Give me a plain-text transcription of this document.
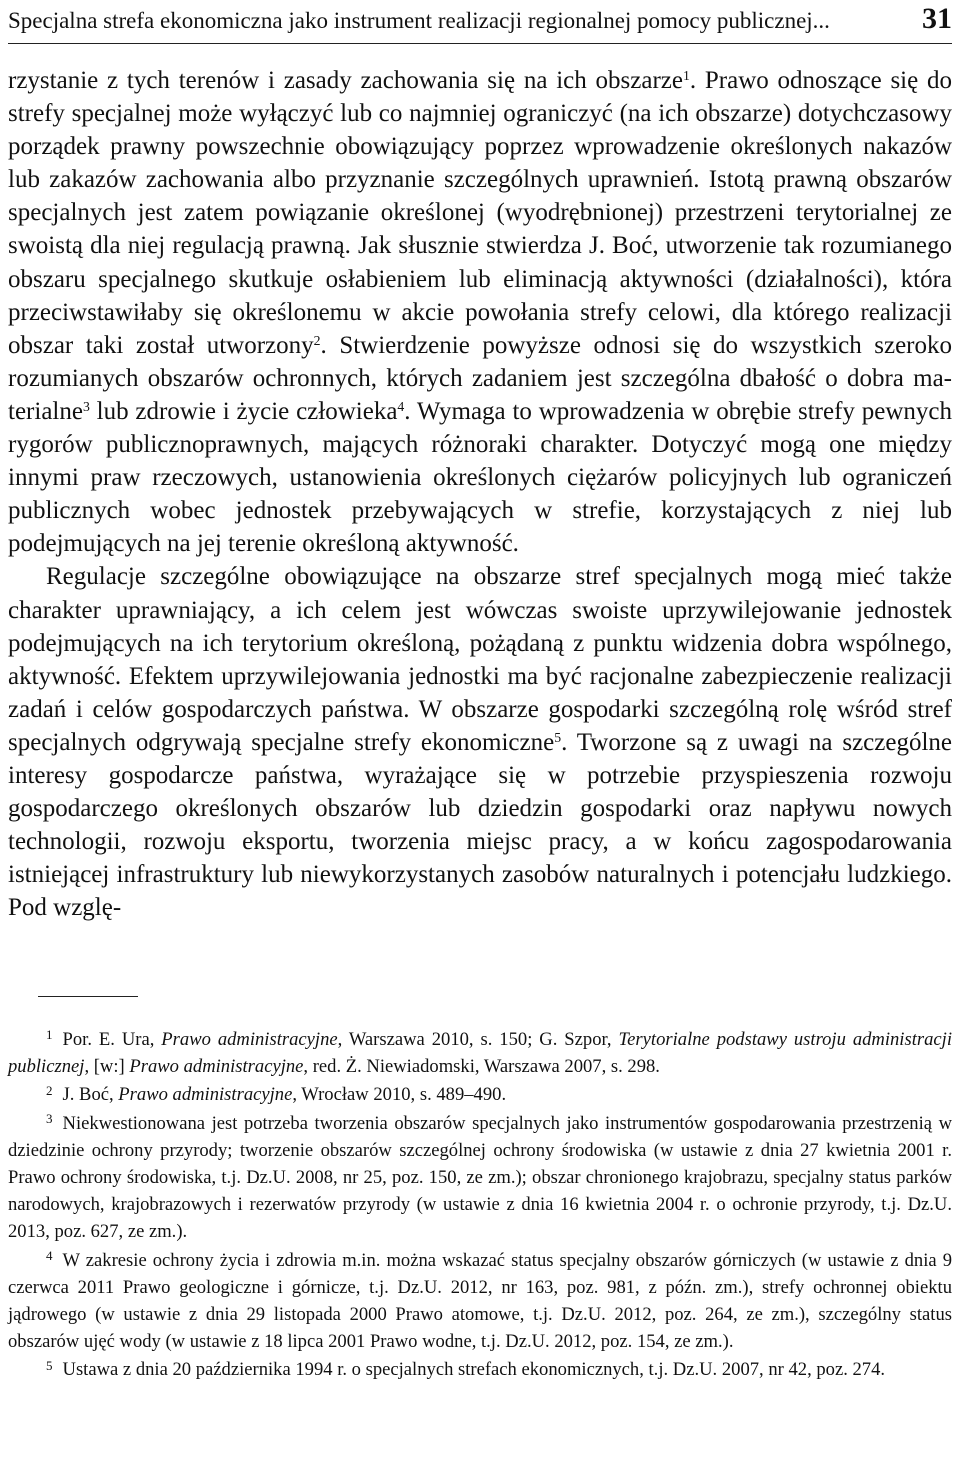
Specjalna strefa ekonomiczna jako instrument realizacji regionalnej pomocy publicznej...	31

rzystanie z tych terenów i zasady zachowania się na ich obszarze$^1$. Prawo odnoszące się do strefy specjalnej może wyłączyć lub co najmniej ograniczyć (na ich obszarze) dotychczasowy porządek prawny powszechnie obowiązujący poprzez wprowadzenie określonych nakazów lub zakazów zachowania albo przyznanie szczególnych uprawnień. Istotą prawną obszarów specjalnych jest zatem powiązanie określonej (wyodrębnionej) przestrzeni terytorialnej ze swoistą dla niej regulacją prawną. Jak słusznie stwierdza J. Boć, utworzenie tak rozumianego obszaru specjalnego skutkuje osłabieniem lub eliminacją aktywności (działalności), która przeciwstawiłaby się określonemu w akcie powołania strefy celowi, dla którego realizacji obszar taki został utworzony$^2$. Stwierdzenie powyższe odnosi się do wszystkich szeroko rozumianych obszarów ochronnych, których zadaniem jest szczególna dbałość o dobra materialne$^3$ lub zdrowie i życie człowieka$^4$. Wymaga to wprowadzenia w obrębie strefy pewnych rygorów publicznoprawnych, mających różnoraki charakter. Dotyczyć mogą one między innymi praw rzeczowych, ustanowienia określonych ciężarów policyjnych lub ograniczeń publicznych wobec jednostek przebywających w strefie, korzystających z niej lub podejmujących na jej terenie określoną aktywność.

Regulacje szczególne obowiązujące na obszarze stref specjalnych mogą mieć także charakter uprawniający, a ich celem jest wówczas swoiste uprzywilejowanie jednostek podejmujących na ich terytorium określoną, pożądaną z punktu widzenia dobra wspólnego, aktywność. Efektem uprzywilejowania jednostki ma być racjonalne zabezpieczenie realizacji zadań i celów gospodarczych państwa. W obszarze gospodarki szczególną rolę wśród stref specjalnych odgrywają specjalne strefy ekonomiczne$^5$. Tworzone są z uwagi na szczególne interesy gospodarcze państwa, wyrażające się w potrzebie przyspieszenia rozwoju gospodarczego określonych obszarów lub dziedzin gospodarki oraz napływu nowych technologii, rozwoju eksportu, tworzenia miejsc pracy, a w końcu zagospodarowania istniejącej infrastruktury lub niewykorzystanych zasobów naturalnych i potencjału ludzkiego. Pod wzglę-

$^1$ Por. E. Ura, Prawo administracyjne, Warszawa 2010, s. 150; G. Szpor, Terytorialne podstawy ustroju administracji publicznej, [w:] Prawo administracyjne, red. Ż. Niewiadomski, Warszawa 2007, s. 298.

$^2$ J. Boć, Prawo administracyjne, Wrocław 2010, s. 489–490.

$^3$ Niekwestionowana jest potrzeba tworzenia obszarów specjalnych jako instrumentów gospodarowania przestrzenią w dziedzinie ochrony przyrody; tworzenie obszarów szczególnej ochrony środowiska (w ustawie z dnia 27 kwietnia 2001 r. Prawo ochrony środowiska, t.j. Dz.U. 2008, nr 25, poz. 150, ze zm.); obszar chronionego krajobrazu, specjalny status parków narodowych, krajobrazowych i rezerwatów przyrody (w ustawie z dnia 16 kwietnia 2004 r. o ochronie przyrody, t.j. Dz.U. 2013, poz. 627, ze zm.).

$^4$ W zakresie ochrony życia i zdrowia m.in. można wskazać status specjalny obszarów górniczych (w ustawie z dnia 9 czerwca 2011 Prawo geologiczne i górnicze, t.j. Dz.U. 2012, nr 163, poz. 981, z późn. zm.), strefy ochronnej obiektu jądrowego (w ustawie z dnia 29 listopada 2000 Prawo atomowe, t.j. Dz.U. 2012, poz. 264, ze zm.), szczególny status obszarów ujęć wody (w ustawie z 18 lipca 2001 Prawo wodne, t.j. Dz.U. 2012, poz. 154, ze zm.).

$^5$ Ustawa z dnia 20 października 1994 r. o specjalnych strefach ekonomicznych, t.j. Dz.U. 2007, nr 42, poz. 274.
